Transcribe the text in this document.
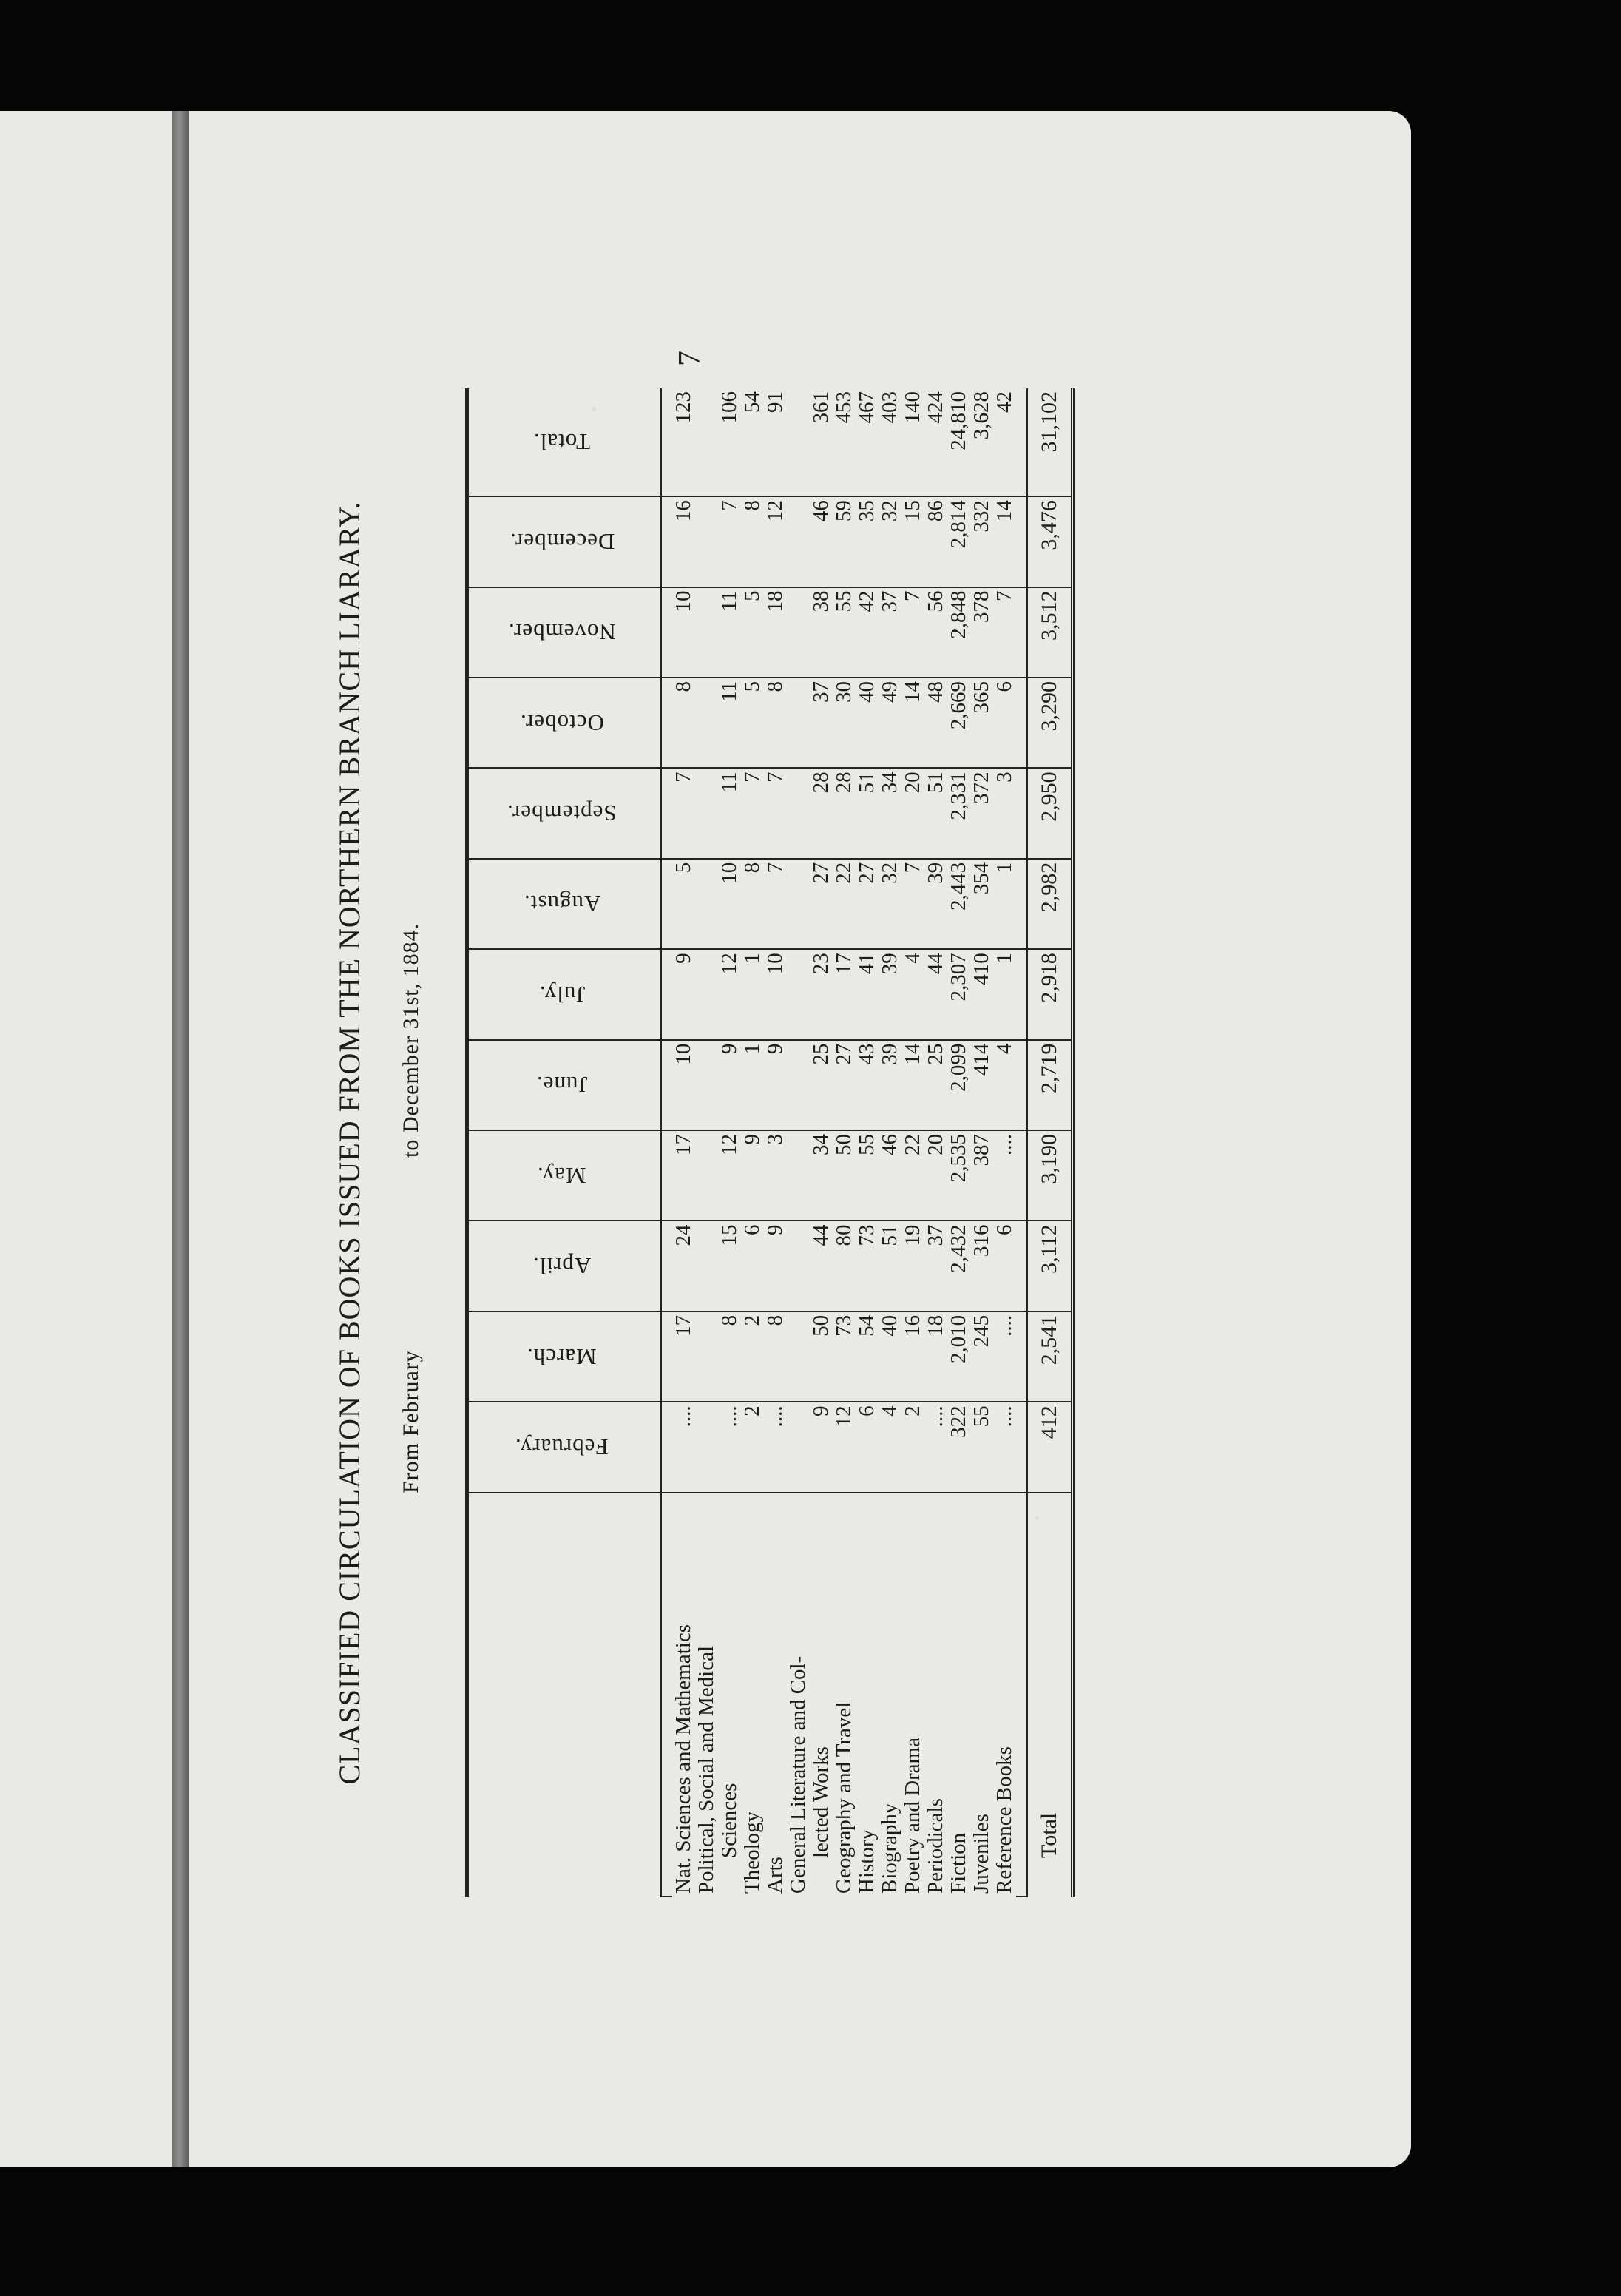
CLASSIFIED CIRCULATION OF BOOKS ISSUED FROM THE NORTHERN BRANCH LIARARY.	From February
to December 31st, 1884.
7
	February.	March.	April.	May.	June.	July.	August.	September.	October.	November.	December.	Total.

Nat. Sciences and Mathematics	....	17	24	17	10	9	5	7	8	10	16	123
Political, Social and Medical												
Sciences	....	8	15	12	9	12	10	11	11	11	7	106
Theology	2	2	6	9	1	1	8	7	5	5	8	54
Arts	....	8	9	3	9	10	7	7	8	18	12	91
General Literature and Col-												
lected Works	9	50	44	34	25	23	27	28	37	38	46	361
Geography and Travel	12	73	80	50	27	17	22	28	30	55	59	453
History	6	54	73	55	43	41	27	51	40	42	35	467
Biography	4	40	51	46	39	39	32	34	49	37	32	403
Poetry and Drama	2	16	19	22	14	4	7	20	14	7	15	140
Periodicals	....	18	37	20	25	44	39	51	48	56	86	424
Fiction	322	2,010	2,432	2,535	2,099	2,307	2,443	2,331	2,669	2,848	2,814	24,810
Juveniles	55	245	316	387	414	410	354	372	365	378	332	3,628
Reference Books	....	....	6	....	4	1	1	3	6	7	14	42

Total	412	2,541	3,112	3,190	2,719	2,918	2,982	2,950	3,290	3,512	3,476	31,102
